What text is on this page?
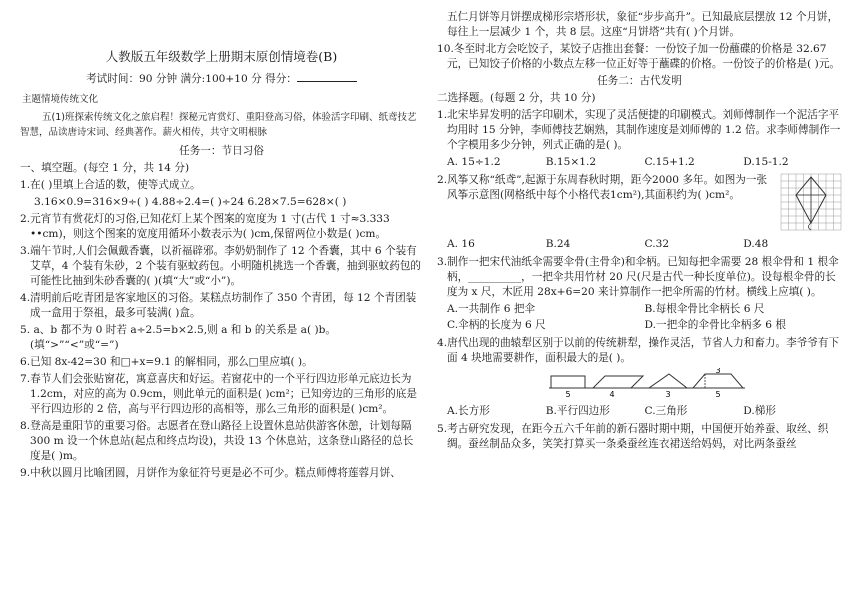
人教版五年级数学上册期末原创情境卷(B)
考试时间：90 分钟 满分:100+10 分 得分：
主题情境传统文化
五(1)班探索传统文化之旅启程！探秘元宵赏灯、重阳登高习俗，体验活字印刷、纸鸢技艺智慧，品读唐诗宋词、经典著作。薪火相传，共守文明根脉
任务一：节日习俗
一、填空题。(每空 1 分，共 14 分)
1.在( )里填上合适的数，使等式成立。
3.16×0.9=316×9÷( ) 4.88÷2.4=( )÷24 6.28×7.5=628×( )
2.元宵节有赏花灯的习俗,已知花灯上某个图案的宽度为 1 寸(古代 1 寸≈3.333 ••cm)，则这个图案的宽度用循环小数表示为( )cm,保留两位小数是( )cm。
3.端午节时,人们会佩戴香囊，以祈福辟邪。李奶奶制作了 12 个香囊，其中 6 个装有艾草，4 个装有朱砂，2 个装有驱蚊药包。小明随机挑选一个香囊，抽到驱蚊药包的可能性比抽到朱砂香囊的( )(填“大”或“小”)。
4.清明前后吃青团是客家地区的习俗。某糕点坊制作了 350 个青团，每 12 个青团装成一盒用于祭祖，最多可装满( )盒。
5. a、b 都不为 0 时若 a÷2.5=b×2.5,则 a 和 b 的关系是 a( )b。 (填“>”“<”或“=”)
6.已知 8x-42=30 和□+x=9.1 的解相同，那么□里应填( )。
7.春节人们会张贴窗花，寓意喜庆和好运。若窗花中的一个平行四边形单元底边长为 1.2cm，对应的高为 0.9cm，则此单元的面积是( )cm²；已知旁边的三角形的底是平行四边形的 2 倍，高与平行四边形的高相等，那么三角形的面积是( )cm²。
8.登高是重阳节的重要习俗。志愿者在登山路径上设置休息站供游客休憩，计划每隔 300 m 设一个休息站(起点和终点均设)，共设 13 个休息站，这条登山路径的总长度是( )m。
9.中秋以圆月比喻团圆，月饼作为象征符号更是必不可少。糕点师傅将莲蓉月饼、
五仁月饼等月饼摆成梯形宗塔形状，象征“步步高升”。已知最底层摆放 12 个月饼，每往上一层减少 1 个，共 8 层。这座“月饼塔”共有( )个月饼。
10.冬至时北方会吃饺子，某饺子店推出套餐：一份饺子加一份蘸碟的价格是 32.67 元，已知饺子价格的小数点左移一位正好等于蘸碟的价格。一份饺子的价格是( )元。
任务二：古代发明
二选择题。(每题 2 分，共 10 分)
1.北宋毕昇发明的活字印刷术，实现了灵活便捷的印刷模式。刘师傅制作一个泥活字平均用时 15 分钟，李师傅技艺娴熟，其制作速度是刘师傅的 1.2 倍。求李师傅制作一个字模用多少分钟，列式正确的是( )。
A. 15÷1.2	B.15×1.2	C.15+1.2	D.15-1.2
2.风筝又称“纸鸢”,起源于东周春秋时期，距今2000 多年。如图为一张风筝示意图(网格纸中每个小格代表1cm²),其面积约为( )cm²。
A. 16	B.24	C.32	D.48
3.制作一把宋代油纸伞需要伞骨(主骨伞)和伞柄。已知每把伞需要 28 根伞骨和 1 根伞柄，__________，一把伞共用竹材 20 尺(尺是古代一种长度单位)。设每根伞骨的长度为 x 尺，木匠用 28x+6=20 来计算制作一把伞所需的竹材。横线上应填( )。
A.一共制作 6 把伞	B.每根伞骨比伞柄长 6 尺
C.伞柄的长度为 6 尺	D.一把伞的伞骨比伞柄多 6 根
4.唐代出现的曲辕犁区别于以前的传统耕犁，操作灵活，节省人力和畜力。李爷爷有下面 4 块地需要耕作，面积最大的是( )。
5	4	3
3
5
A.长方形	B.平行四边形	C.三角形	D.梯形
5.考古研究发现，在距今五六千年前的新石器时期中期，中国便开始养蚕、取丝、织绸。蚕丝制品众多，笑笑打算买一条桑蚕丝连衣裙送给妈妈，对比两条蚕丝
